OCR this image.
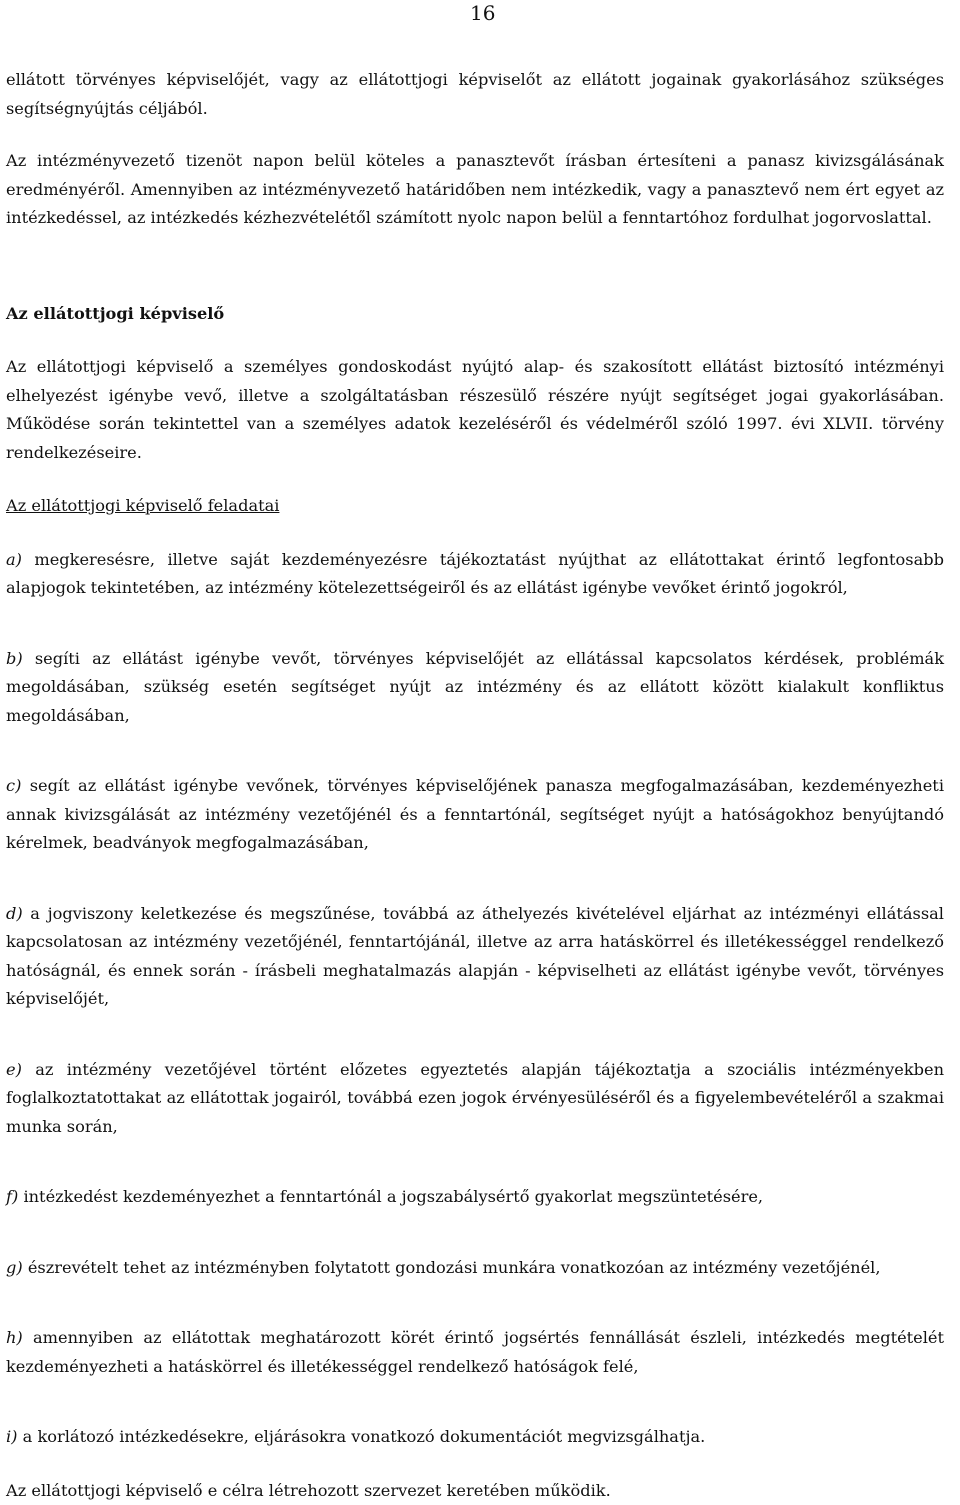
16

ellátott törvényes képviselőjét, vagy az ellátottjogi képviselőt az ellátott jogainak gyakorlásához szükséges segítségnyújtás céljából.

Az intézményvezető tizenöt napon belül köteles a panasztevőt írásban értesíteni a panasz kivizsgálásának eredményéről. Amennyiben az intézményvezető határidőben nem intézkedik, vagy a panasztevő nem ért egyet az intézkedéssel, az intézkedés kézhezvételétől számított nyolc napon belül a fenntartóhoz fordulhat jogorvoslattal.

Az ellátottjogi képviselő

Az ellátottjogi képviselő a személyes gondoskodást nyújtó alap- és szakosított ellátást biztosító intézményi elhelyezést igénybe vevő, illetve a szolgáltatásban részesülő részére nyújt segítséget jogai gyakorlásában. Működése során tekintettel van a személyes adatok kezeléséről és védelméről szóló 1997. évi XLVII. törvény rendelkezéseire.

Az ellátottjogi képviselő feladatai

a) megkeresésre, illetve saját kezdeményezésre tájékoztatást nyújthat az ellátottakat érintő legfontosabb alapjogok tekintetében, az intézmény kötelezettségeiről és az ellátást igénybe vevőket érintő jogokról,

b) segíti az ellátást igénybe vevőt, törvényes képviselőjét az ellátással kapcsolatos kérdések, problémák megoldásában, szükség esetén segítséget nyújt az intézmény és az ellátott között kialakult konfliktus megoldásában,

c) segít az ellátást igénybe vevőnek, törvényes képviselőjének panasza megfogalmazásában, kezdeményezheti annak kivizsgálását az intézmény vezetőjénél és a fenntartónál, segítséget nyújt a hatóságokhoz benyújtandó kérelmek, beadványok megfogalmazásában,

d) a jogviszony keletkezése és megszűnése, továbbá az áthelyezés kivételével eljárhat az intézményi ellátással kapcsolatosan az intézmény vezetőjénél, fenntartójánál, illetve az arra hatáskörrel és illetékességgel rendelkező hatóságnál, és ennek során - írásbeli meghatalmazás alapján - képviselheti az ellátást igénybe vevőt, törvényes képviselőjét,

e) az intézmény vezetőjével történt előzetes egyeztetés alapján tájékoztatja a szociális intézményekben foglalkoztatottakat az ellátottak jogairól, továbbá ezen jogok érvényesüléséről és a figyelembevételéről a szakmai munka során,

f) intézkedést kezdeményezhet a fenntartónál a jogszabálysértő gyakorlat megszüntetésére,

g) észrevételt tehet az intézményben folytatott gondozási munkára vonatkozóan az intézmény vezetőjénél,

h) amennyiben az ellátottak meghatározott körét érintő jogsértés fennállását észleli, intézkedés megtételét kezdeményezheti a hatáskörrel és illetékességgel rendelkező hatóságok felé,

i) a korlátozó intézkedésekre, eljárásokra vonatkozó dokumentációt megvizsgálhatja.

Az ellátottjogi képviselő e célra létrehozott szervezet keretében működik.
